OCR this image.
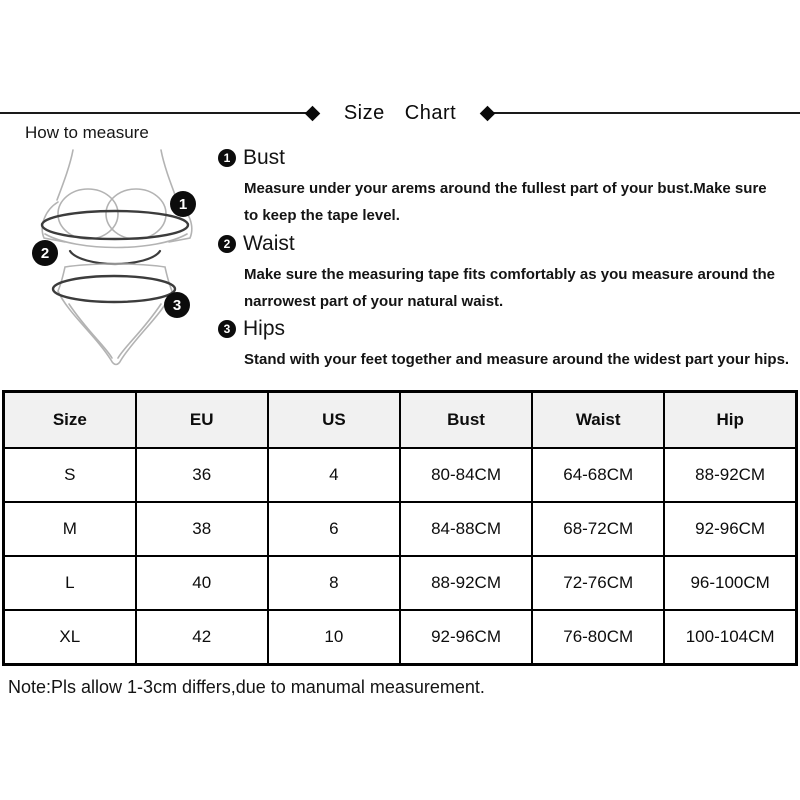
Size Chart
How to measure
1
2
3
1 Bust
Measure under your arems around the fullest part of your bust.Make sure
to keep the tape level.
2 Waist
Make sure the measuring tape fits comfortably as you measure around the
narrowest part of your natural waist.
3 Hips
Stand with your feet together and measure around the widest part your hips.
Size	EU	US	Bust	Waist	Hip
S	36	4	80-84CM	64-68CM	88-92CM
M	38	6	84-88CM	68-72CM	92-96CM
L	40	8	88-92CM	72-76CM	96-100CM
XL	42	10	92-96CM	76-80CM	100-104CM
Note:Pls allow 1-3cm differs,due to manumal measurement.
